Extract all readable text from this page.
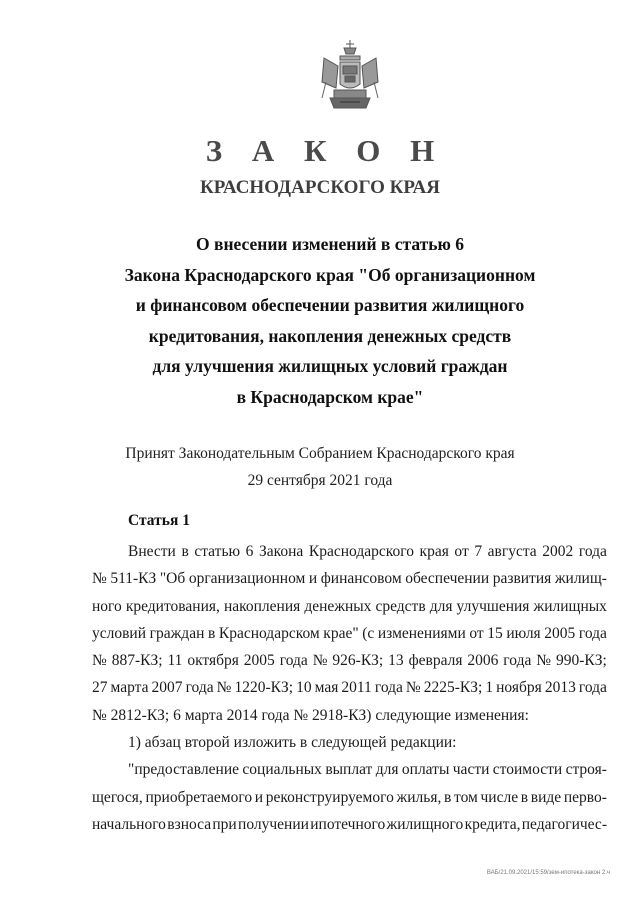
З А К О Н
КРАСНОДАРСКОГО КРАЯ
О внесении изменений в статью 6
Закона Краснодарского края "Об организационном
и финансовом обеспечении развития жилищного
кредитования, накопления денежных средств
для улучшения жилищных условий граждан
в Краснодарском крае"
Принят Законодательным Собранием Краснодарского края
29 сентября 2021 года
Статья 1
Внести в статью 6 Закона Краснодарского края от 7 августа 2002 года
№ 511-КЗ "Об организационном и финансовом обеспечении развития жилищ-
ного кредитования, накопления денежных средств для улучшения жилищных
условий граждан в Краснодарском крае" (с изменениями от 15 июля 2005 года
№ 887-КЗ; 11 октября 2005 года № 926-КЗ; 13 февраля 2006 года № 990-КЗ;
27 марта 2007 года № 1220-КЗ; 10 мая 2011 года № 2225-КЗ; 1 ноября 2013 года
№ 2812-КЗ; 6 марта 2014 года № 2918-КЗ) следующие изменения:
1) абзац второй изложить в следующей редакции:
"предоставление социальных выплат для оплаты части стоимости строя-
щегося, приобретаемого и реконструируемого жилья, в том числе в виде перво-
начального взноса при получении ипотечного жилищного кредита, педагогичес-
ВАБ/21.09.2021/15:59/зем-ипотека-закон 2.ч
